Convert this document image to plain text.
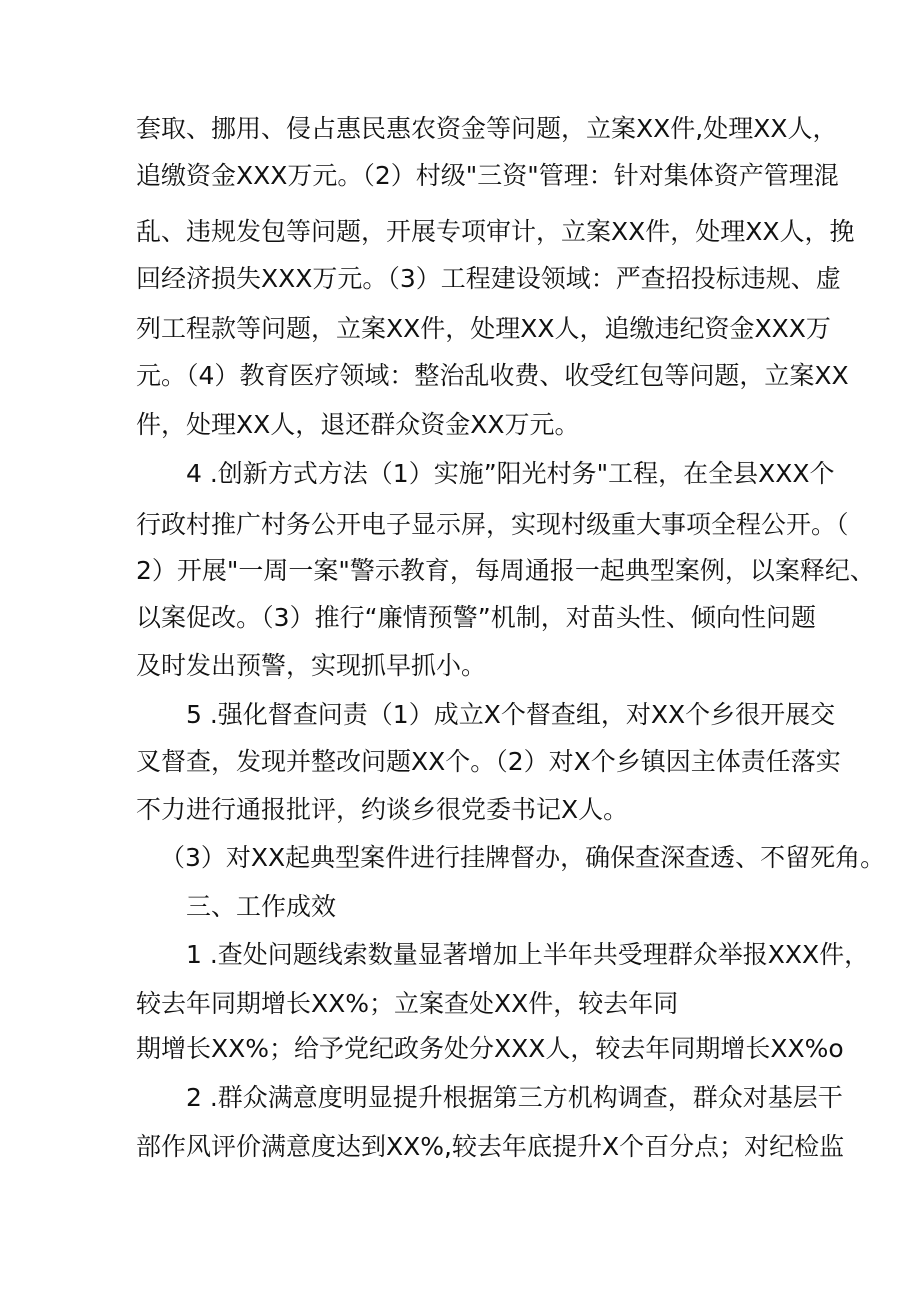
套取、挪用、侵占惠民惠农资金等问题，立案XX件,处理XX人，

追缴资金XXX万元。（2）村级"三资"管理：针对集体资产管理混

乱、违规发包等问题，开展专项审计，立案XX件，处理XX人，挽

回经济损失XXX万元。（3）工程建设领域：严查招投标违规、虚

列工程款等问题，立案XX件，处理XX人，追缴违纪资金XXX万

元。（4）教育医疗领域：整治乱收费、收受红包等问题，立案XX

件，处理XX人，退还群众资金XX万元。

4 .创新方式方法（1）实施”阳光村务"工程，在全县XXX个

行政村推广村务公开电子显示屏，实现村级重大事项全程公开。（

2）开展"一周一案"警示教育，每周通报一起典型案例，以案释纪、

以案促改。（3）推行“廉情预警”机制，对苗头性、倾向性问题

及时发出预警，实现抓早抓小。

5 .强化督查问责（1）成立X个督查组，对XX个乡很开展交

叉督查，发现并整改问题XX个。（2）对X个乡镇因主体责任落实

不力进行通报批评，约谈乡很党委书记X人。

（3）对XX起典型案件进行挂牌督办，确保查深查透、不留死角。

三、工作成效

1 .查处问题线索数量显著增加上半年共受理群众举报XXX件，

较去年同期增长XX%；立案查处XX件，较去年同

期增长XX%；给予党纪政务处分XXX人，较去年同期增长XX%o

2 .群众满意度明显提升根据第三方机构调查，群众对基层干

部作风评价满意度达到XX%,较去年底提升X个百分点；对纪检监
